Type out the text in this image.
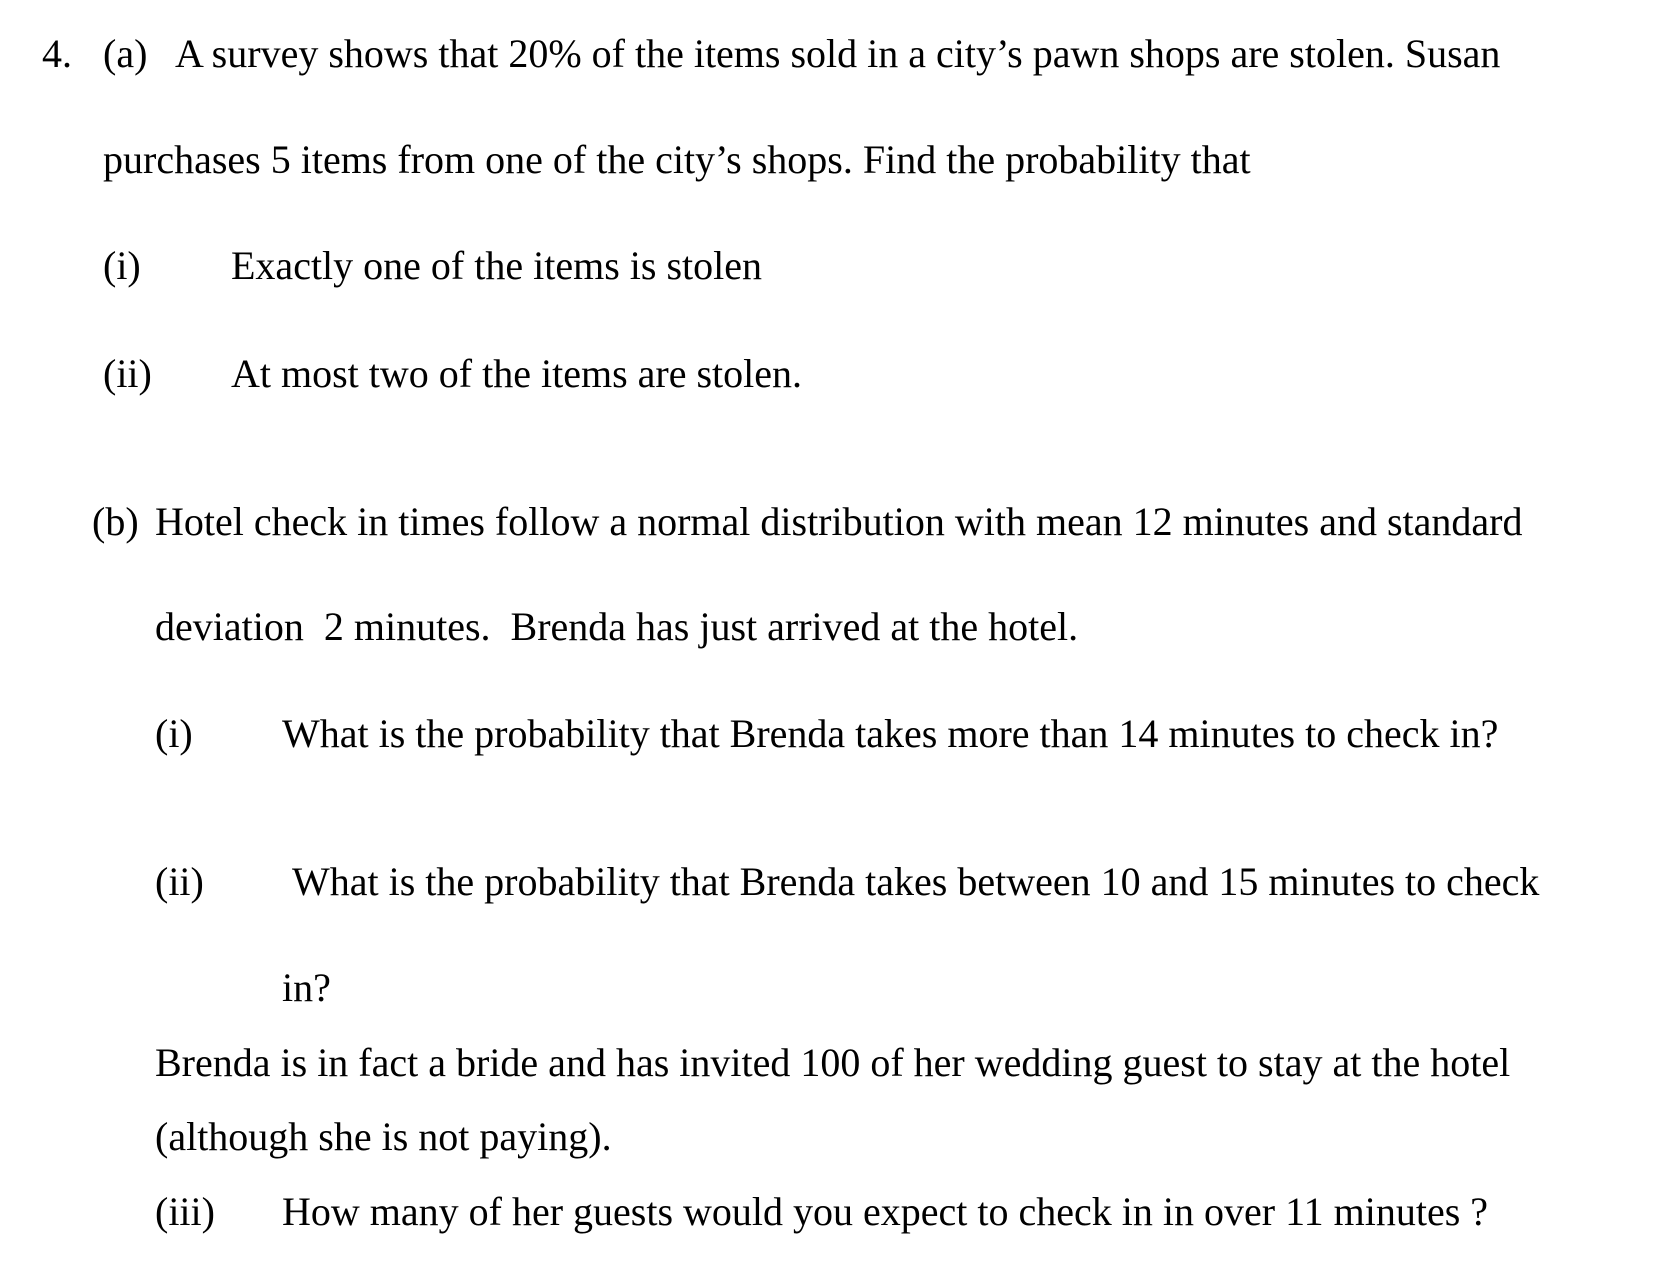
4. (a) A survey shows that 20% of the items sold in a city’s pawn shops are stolen. Susan
purchases 5 items from one of the city’s shops. Find the probability that
(i) Exactly one of the items is stolen
(ii) At most two of the items are stolen.
(b) Hotel check in times follow a normal distribution with mean 12 minutes and standard
deviation  2 minutes.  Brenda has just arrived at the hotel.
(i) What is the probability that Brenda takes more than 14 minutes to check in?
(ii) What is the probability that Brenda takes between 10 and 15 minutes to check
in?
Brenda is in fact a bride and has invited 100 of her wedding guest to stay at the hotel
(although she is not paying).
(iii) How many of her guests would you expect to check in in over 11 minutes ?
